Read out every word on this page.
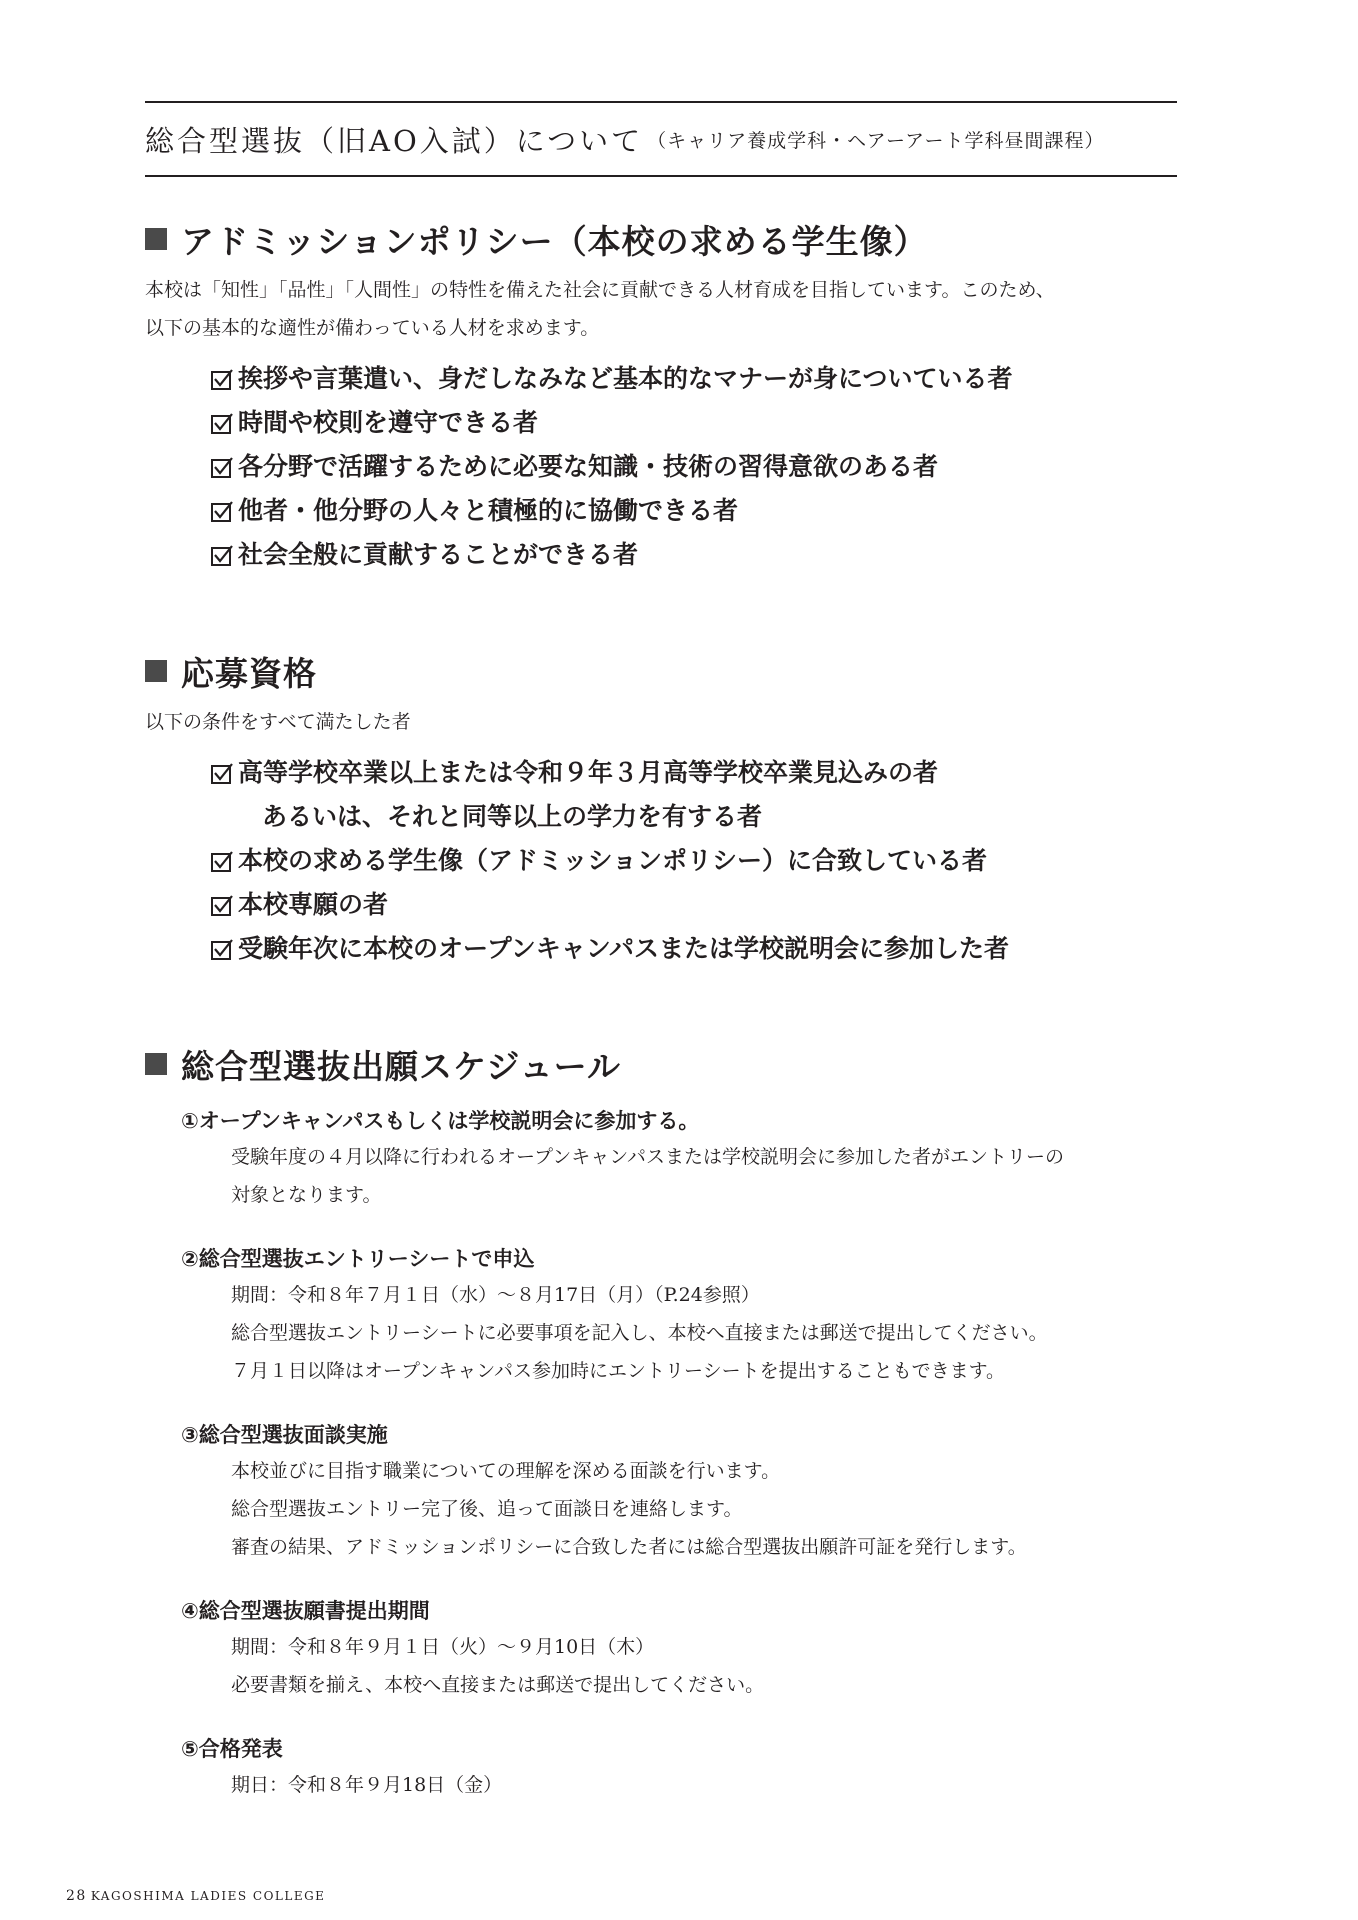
総合型選抜（旧AO入試）について （キャリア養成学科・ヘアーアート学科昼間課程）
アドミッションポリシー（本校の求める学生像）
本校は「知性」「品性」「人間性」の特性を備えた社会に貢献できる人材育成を目指しています。このため、
以下の基本的な適性が備わっている人材を求めます。
挨拶や言葉遣い、身だしなみなど基本的なマナーが身についている者
時間や校則を遵守できる者
各分野で活躍するために必要な知識・技術の習得意欲のある者
他者・他分野の人々と積極的に協働できる者
社会全般に貢献することができる者
応募資格
以下の条件をすべて満たした者
高等学校卒業以上または令和９年３月高等学校卒業見込みの者
あるいは、それと同等以上の学力を有する者
本校の求める学生像（アドミッションポリシー）に合致している者
本校専願の者
受験年次に本校のオープンキャンパスまたは学校説明会に参加した者
総合型選抜出願スケジュール
①オープンキャンパスもしくは学校説明会に参加する。
受験年度の４月以降に行われるオープンキャンパスまたは学校説明会に参加した者がエントリーの
対象となります。
②総合型選抜エントリーシートで申込
期間：令和８年７月１日（水）～８月17日（月）（P.24参照）
総合型選抜エントリーシートに必要事項を記入し、本校へ直接または郵送で提出してください。
７月１日以降はオープンキャンパス参加時にエントリーシートを提出することもできます。
③総合型選抜面談実施
本校並びに目指す職業についての理解を深める面談を行います。
総合型選抜エントリー完了後、追って面談日を連絡します。
審査の結果、アドミッションポリシーに合致した者には総合型選抜出願許可証を発行します。
④総合型選抜願書提出期間
期間：令和８年９月１日（火）～９月10日（木）
必要書類を揃え、本校へ直接または郵送で提出してください。
⑤合格発表
期日：令和８年９月18日（金）
28 KAGOSHIMA LADIES COLLEGE
